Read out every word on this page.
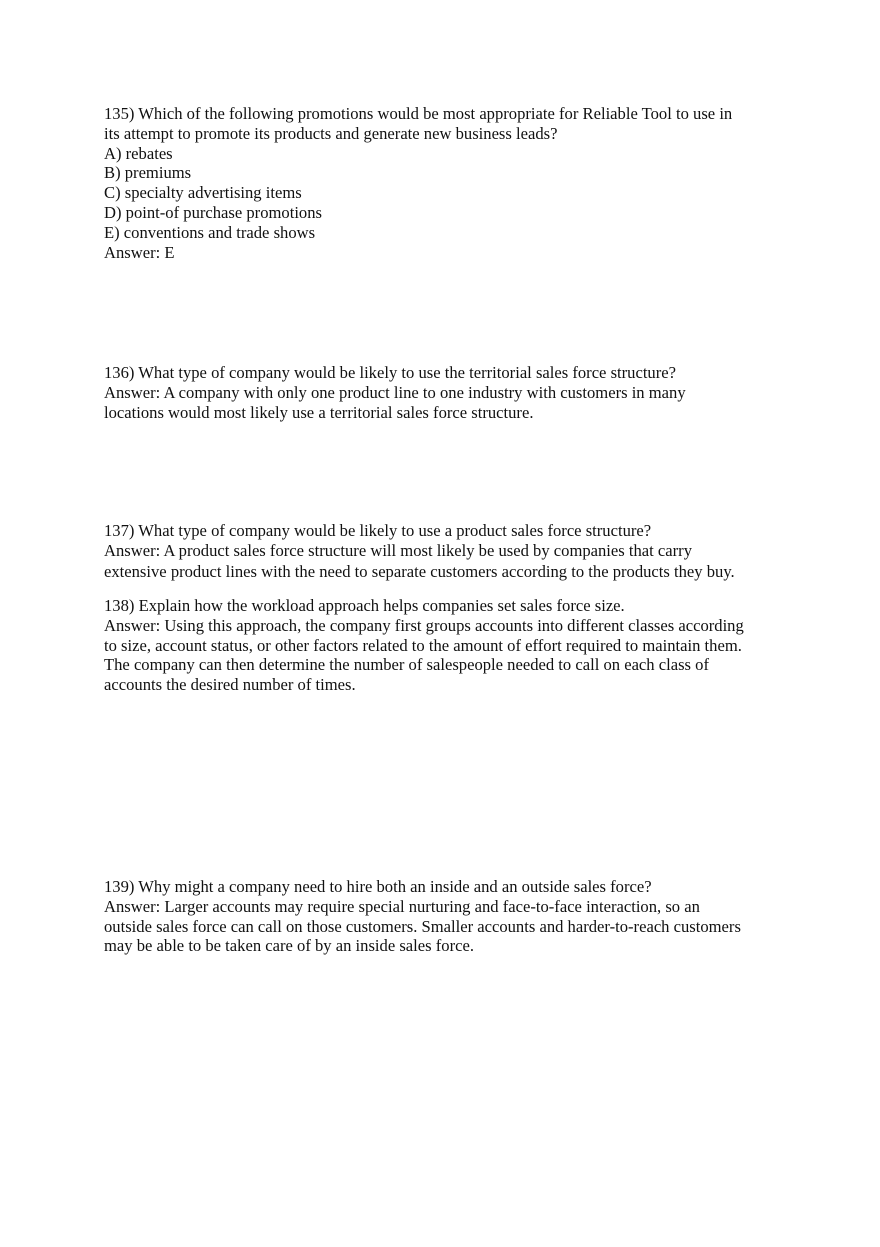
135) Which of the following promotions would be most appropriate for Reliable Tool to use in
its attempt to promote its products and generate new business leads?
A) rebates
B) premiums
C) specialty advertising items
D) point-of purchase promotions
E) conventions and trade shows
Answer: E
136) What type of company would be likely to use the territorial sales force structure?
Answer: A company with only one product line to one industry with customers in many
locations would most likely use a territorial sales force structure.
137) What type of company would be likely to use a product sales force structure?
Answer: A product sales force structure will most likely be used by companies that carry
extensive product lines with the need to separate customers according to the products they buy.
138) Explain how the workload approach helps companies set sales force size.
Answer: Using this approach, the company first groups accounts into different classes according
to size, account status, or other factors related to the amount of effort required to maintain them.
The company can then determine the number of salespeople needed to call on each class of
accounts the desired number of times.
139) Why might a company need to hire both an inside and an outside sales force?
Answer: Larger accounts may require special nurturing and face-to-face interaction, so an
outside sales force can call on those customers. Smaller accounts and harder-to-reach customers
may be able to be taken care of by an inside sales force.
